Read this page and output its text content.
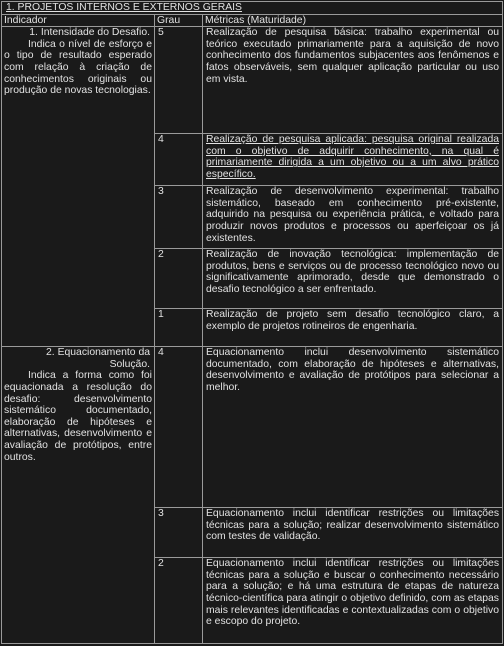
1. PROJETOS INTERNOS E EXTERNOS GERAIS		
Indicador	Grau	Métricas (Maturidade)

1. Intensidade do Desafio.
Indica o nível de esforço e o tipo de resultado esperado com relação à criação de conhecimentos originais ou produção de novas tecnologias.	5	Realização de pesquisa básica: trabalho experimental ou teórico executado primariamente para a aquisição de novo conhecimento dos fundamentos subjacentes aos fenômenos e fatos observáveis, sem qualquer aplicação particular ou uso em vista.
	4	Realização de pesquisa aplicada: pesquisa original realizada com o objetivo de adquirir conhecimento, na qual é primariamente dirigida a um objetivo ou a um alvo prático específico.
	3	Realização de desenvolvimento experimental: trabalho sistemático, baseado em conhecimento pré-existente, adquirido na pesquisa ou experiência prática, e voltado para produzir novos produtos e processos ou aperfeiçoar os já existentes.
	2	Realização de inovação tecnológica: implementação de produtos, bens e serviços ou de processo tecnológico novo ou significativamente aprimorado, desde que demonstrado o desafio tecnológico a ser enfrentado.
	1	Realização de projeto sem desafio tecnológico claro, a exemplo de projetos rotineiros de engenharia.

2. Equacionamento da Solução.
Indica a forma como foi equacionada a resolução do desafio: desenvolvimento sistemático documentado, elaboração de hipóteses e alternativas, desenvolvimento e avaliação de protótipos, entre outros.	4	Equacionamento inclui desenvolvimento sistemático documentado, com elaboração de hipóteses e alternativas, desenvolvimento e avaliação de protótipos para selecionar a melhor.
	3	Equacionamento inclui identificar restrições ou limitações técnicas para a solução; realizar desenvolvimento sistemático com testes de validação.
	2	Equacionamento inclui identificar restrições ou limitações técnicas para a solução e buscar o conhecimento necessário para a solução; e há uma estrutura de etapas de natureza técnico-científica para atingir o objetivo definido, com as etapas mais relevantes identificadas e contextualizadas com o objetivo e escopo do projeto.
